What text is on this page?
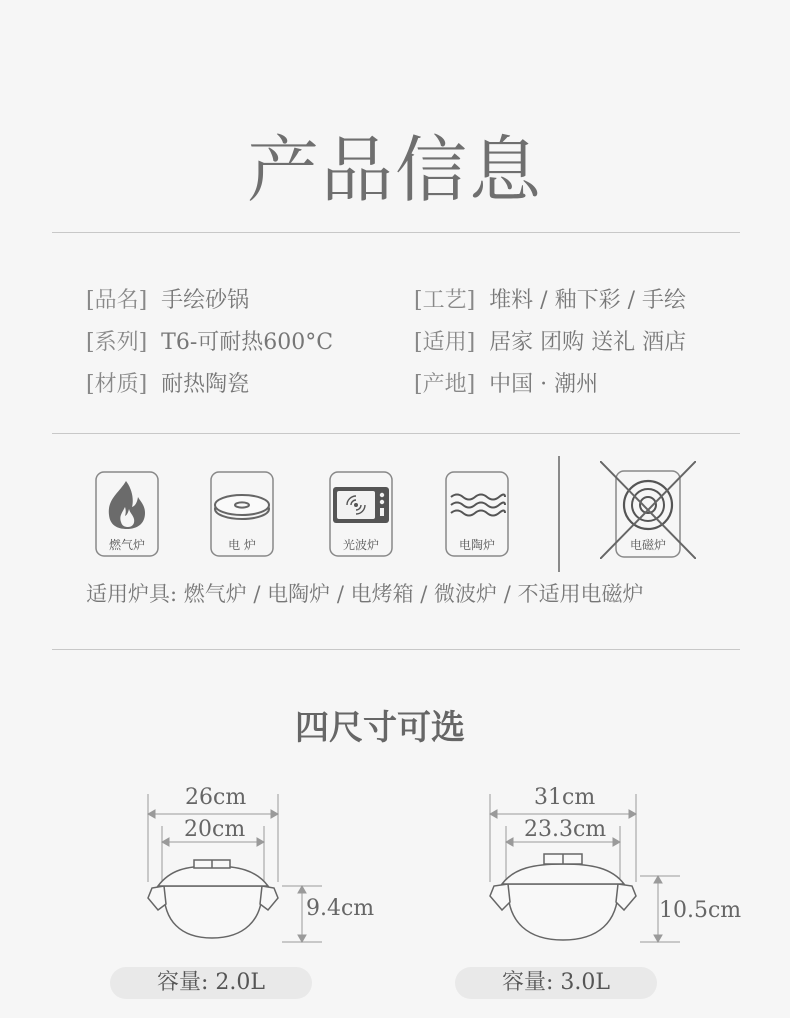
产品信息
[品名] 手绘砂锅
[系列] T6-可耐热600°C
[材质] 耐热陶瓷
[工艺] 堆料 / 釉下彩 / 手绘
[适用] 居家 团购 送礼 酒店
[产地] 中国 · 潮州
燃气炉	电 炉	光波炉	电陶炉	电磁炉
适用炉具: 燃气炉 / 电陶炉 / 电烤箱 / 微波炉 / 不适用电磁炉
四尺寸可选
26cm
20cm
9.4cm
容量: 2.0L
31cm
23.3cm
10.5cm
容量: 3.0L
